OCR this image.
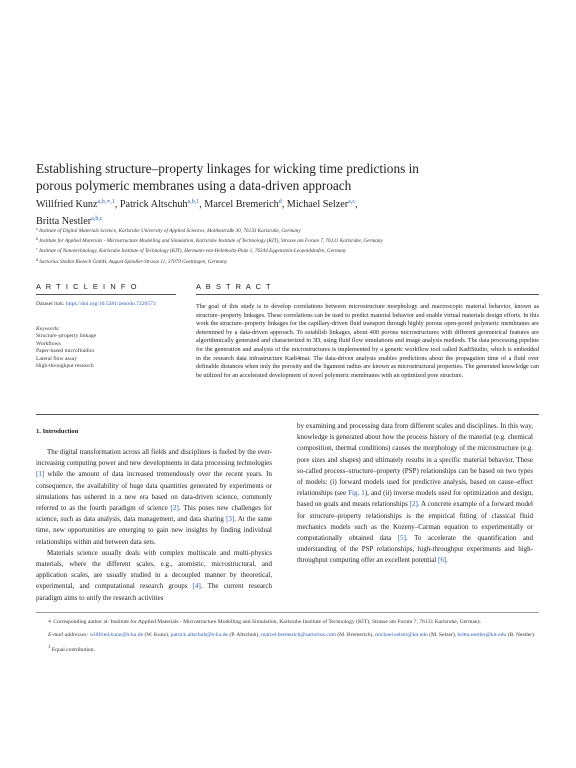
Establishing structure–property linkages for wicking time predictions in
porous polymeric membranes using a data-driven approach
Willfried Kunz$^{a,b,∗,1}$, Patrick Altschuh$^{a,b,1}$, Marcel Bremerich$^d$, Michael Selzer$^{a,c}$,
Britta Nestler$^{a,b,c}$
$^a$ Institute of Digital Materials Science, Karlsruhe University of Applied Sciences, Moltkestraße 30, 76133 Karlsruhe, Germany
$^b$ Institute for Applied Materials - Microstructure Modelling and Simulation, Karlsruhe Institute of Technology (KIT), Strasse am Forum 7, 76131 Karlsruhe, Germany
$^c$ Institute of Nanotechnology, Karlsruhe Institute of Technology (KIT), Hermann-von-Helmholtz-Platz 1, 76344 Eggenstein-Leopoldshafen, Germany
$^d$ Sartorius Stedim Biotech GmbH, August-Spindler-Strasse 11, 37079 Goettingen, Germany
A R T I C L E I N F O	A B S T R A C T
Dataset link: https://doi.org/10.5281/zenodo.7220573
Keywords:
Structure–property linkage
Workflows
Paper-based microfluidics
Lateral flow assay
High-throughput research
The goal of this study is to develop correlations between microstructure morphology and macroscopic material behavior, known as structure–property linkages. These correlations can be used to predict material behavior and enable virtual materials design efforts. In this work the structure–property linkages for the capillary-driven fluid transport through highly porous open-pored polymeric membranes are determined by a data-driven approach. To establish linkages, about 400 porous microstructures with different geometrical features are algorithmically generated and characterized in 3D, using fluid flow simulations and image analysis methods. The data processing pipeline for the generation and analysis of the microstructures is implemented by a generic workflow tool called KadiStudio, which is embedded in the research data infrastructure Kadi4mat. The data-driven analysis enables predictions about the propagation time of a fluid over definable distances when only the porosity and the ligament radius are known as microstructural properties. The generated knowledge can be utilized for an accelerated development of novel polymeric membranes with an optimized pore structure.
1. Introduction

The digital transformation across all fields and disciplines is fueled by the ever-increasing computing power and new developments in data processing technologies [1] while the amount of data increased tremendously over the recent years. In consequence, the availability of huge data quantities generated by experiments or simulations has ushered in a new era based on data-driven science, commonly referred to as the fourth paradigm of science [2]. This poses new challenges for science, such as data analysis, data management, and data sharing [3]. At the same time, new opportunities are emerging to gain new insights by finding individual relationships within and between data sets.

Materials science usually deals with complex multiscale and multi-physics materials, where the different scales, e.g., atomistic, microstructural, and application scales, are usually studied in a decoupled manner by theoretical, experimental, and computational research groups [4]. The current research paradigm aims to unify the research activities

by examining and processing data from different scales and disciplines. In this way, knowledge is generated about how the process history of the material (e.g. chemical composition, thermal conditions) causes the morphology of the microstructure (e.g. pore sizes and shapes) and ultimately results in a specific material behavior. These so-called process–structure–property (PSP) relationships can be based on two types of models: (i) forward models used for predictive analysis, based on cause–effect relationships (see Fig. 1), and (ii) inverse models used for optimization and design, based on goals and means relationships [2]. A concrete example of a forward model for structure–property relationships is the empirical fitting of classical fluid mechanics models such as the Kozeny–Carman equation to experimentally or computationally obtained data [5]. To accelerate the quantification and understanding of the PSP relationships, high-throughput experiments and high-throughput computing offer an excellent potential [6].

∗ Corresponding author at: Institute for Applied Materials - Microstructure Modelling and Simulation, Karlsruhe Institute of Technology (KIT), Strasse am Forum 7, 76131 Karlsruhe, Germany.
E-mail addresses: willfried.kunz@h-ka.de (W. Kunz), patrick.altschuh@h-ka.de (P. Altschuh), marcel.bremerich@sartorius.com (M. Bremerich), michael.selzer@kit.edu (M. Selzer), britta.nestler@kit.edu (B. Nestler).
$^1$ Equal contribution.
